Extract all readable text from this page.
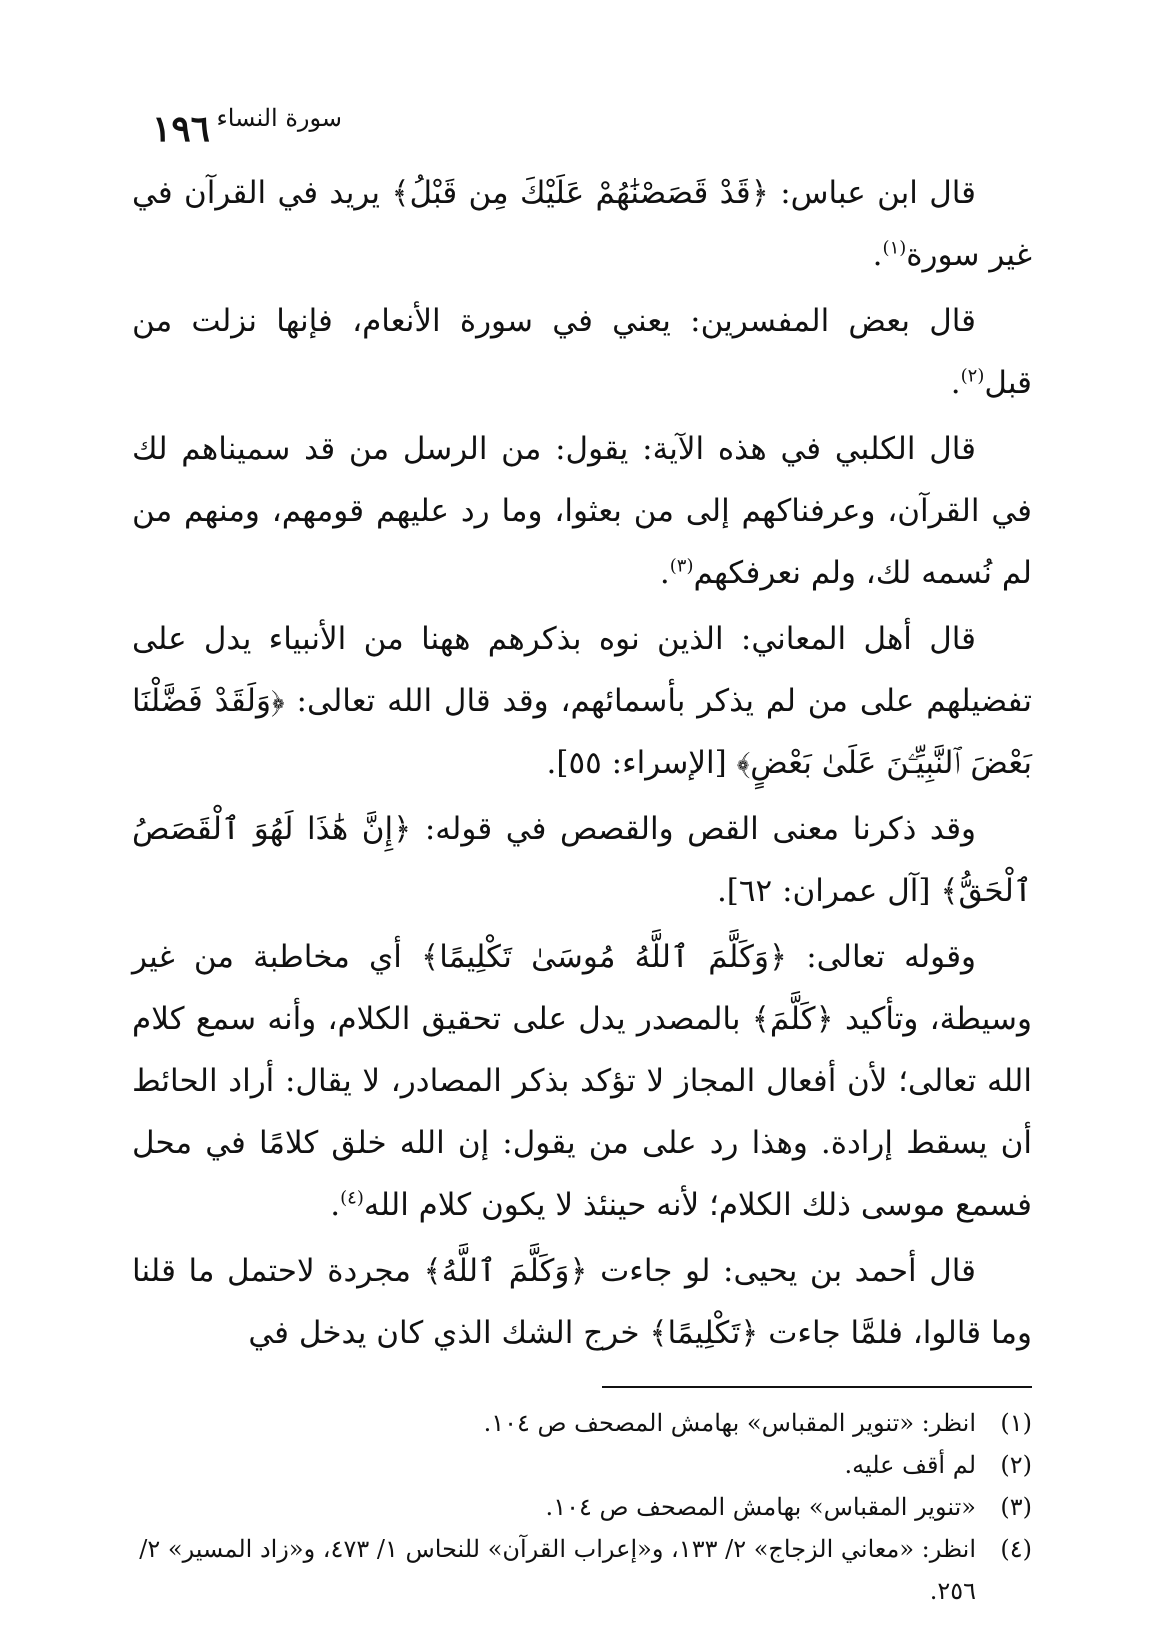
سورة النساء
١٩٦

قال ابن عباس: ﴿قَدْ قَصَصْنَٰهُمْ عَلَيْكَ مِن قَبْلُ﴾ يريد في القرآن في غير سورة$^{(١)}$.

قال بعض المفسرين: يعني في سورة الأنعام، فإنها نزلت من قبل$^{(٢)}$.

قال الكلبي في هذه الآية: يقول: من الرسل من قد سميناهم لك في القرآن، وعرفناكهم إلى من بعثوا، وما رد عليهم قومهم، ومنهم من لم نُسمه لك، ولم نعرفكهم$^{(٣)}$.

قال أهل المعاني: الذين نوه بذكرهم ههنا من الأنبياء يدل على تفضيلهم على من لم يذكر بأسمائهم، وقد قال الله تعالى: ﴿وَلَقَدْ فَضَّلْنَا بَعْضَ ٱلنَّبِيِّـۧنَ عَلَىٰ بَعْضٍ﴾ [الإسراء: ٥٥].

وقد ذكرنا معنى القص والقصص في قوله: ﴿إِنَّ هَٰذَا لَهُوَ ٱلْقَصَصُ ٱلْحَقُّ﴾ [آل عمران: ٦٢].

وقوله تعالى: ﴿وَكَلَّمَ ٱللَّهُ مُوسَىٰ تَكْلِيمًا﴾ أي مخاطبة من غير وسيطة، وتأكيد ﴿كَلَّمَ﴾ بالمصدر يدل على تحقيق الكلام، وأنه سمع كلام الله تعالى؛ لأن أفعال المجاز لا تؤكد بذكر المصادر، لا يقال: أراد الحائط أن يسقط إرادة. وهذا رد على من يقول: إن الله خلق كلامًا في محل فسمع موسى ذلك الكلام؛ لأنه حينئذ لا يكون كلام الله$^{(٤)}$.

قال أحمد بن يحيى: لو جاءت ﴿وَكَلَّمَ ٱللَّهُ﴾ مجردة لاحتمل ما قلنا وما قالوا، فلمَّا جاءت ﴿تَكْلِيمًا﴾ خرج الشك الذي كان يدخل في

(١)
انظر: «تنوير المقباس» بهامش المصحف ص ١٠٤.
(٢)
لم أقف عليه.
(٣)
«تنوير المقباس» بهامش المصحف ص ١٠٤.
(٤)
انظر: «معاني الزجاج» ٢/ ١٣٣، و«إعراب القرآن» للنحاس ١/ ٤٧٣، و«زاد المسير» ٢/ ٢٥٦.
